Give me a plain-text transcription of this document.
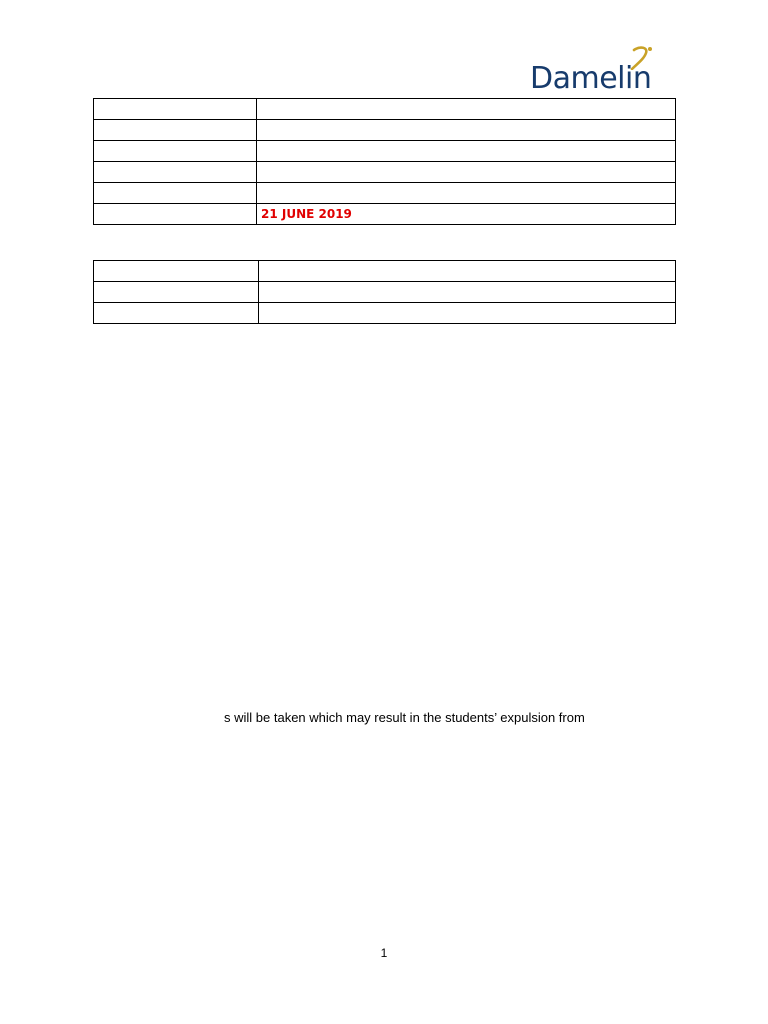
Damelin

	21 JUNE 2019

s will be taken which may result in the students’ expulsion from
1
